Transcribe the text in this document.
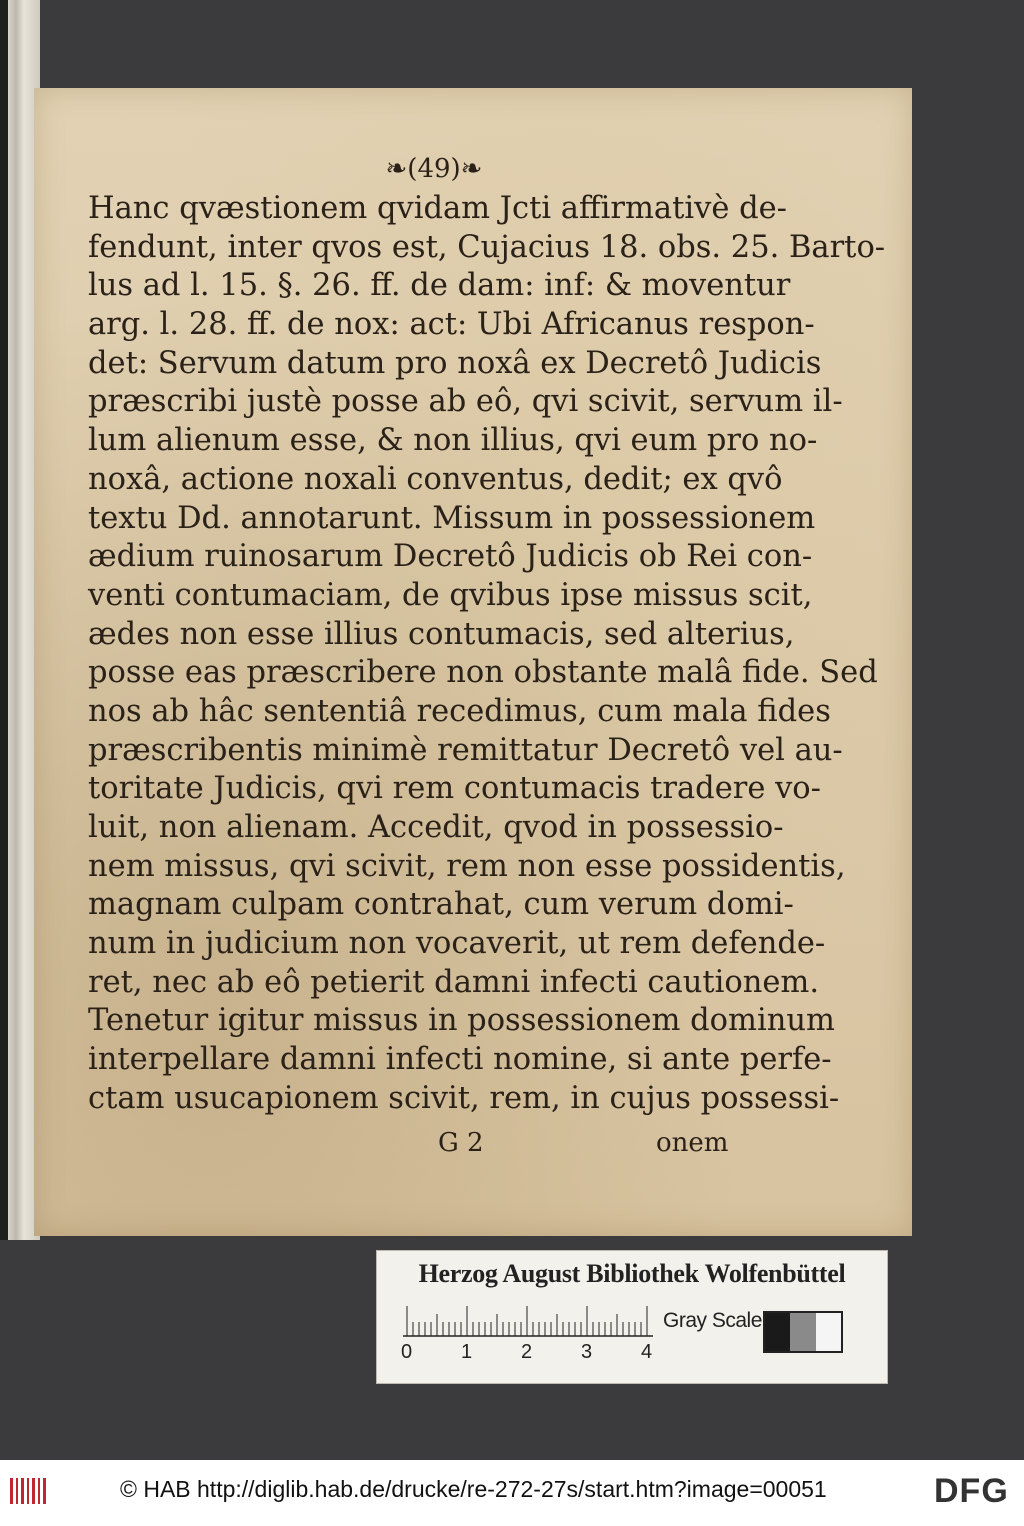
❧(49)❧
Hanc qvæstionem qvidam Jcti affirmativè de-
fendunt, inter qvos est, Cujacius 18. obs. 25. Barto-
lus ad l. 15. §. 26. ff. de dam: inf: & moventur
arg. l. 28. ff. de nox: act: Ubi Africanus respon-
det: Servum datum pro noxâ ex Decretô Judicis
præscribi justè posse ab eô, qvi scivit, servum il-
lum alienum esse, & non illius, qvi eum pro no-
noxâ, actione noxali conventus, dedit; ex qvô
textu Dd. annotarunt. Missum in possessionem
ædium ruinosarum Decretô Judicis ob Rei con-
venti contumaciam, de qvibus ipse missus scit,
ædes non esse illius contumacis, sed alterius,
posse eas præscribere non obstante malâ fide. Sed
nos ab hâc sententiâ recedimus, cum mala fides
præscribentis minimè remittatur Decretô vel au-
toritate Judicis, qvi rem contumacis tradere vo-
luit, non alienam. Accedit, qvod in possessio-
nem missus, qvi scivit, rem non esse possidentis,
magnam culpam contrahat, cum verum domi-
num in judicium non vocaverit, ut rem defende-
ret, nec ab eô petierit damni infecti cautionem.
Tenetur igitur missus in possessionem dominum
interpellare damni infecti nomine, si ante perfe-
ctam usucapionem scivit, rem, in cujus possessi-
G 2	onem
Herzog August Bibliothek Wolfenbüttel
0 1 2 3 4
Gray Scale
© HAB http://diglib.hab.de/drucke/re-272-27s/start.htm?image=00051	DFG
